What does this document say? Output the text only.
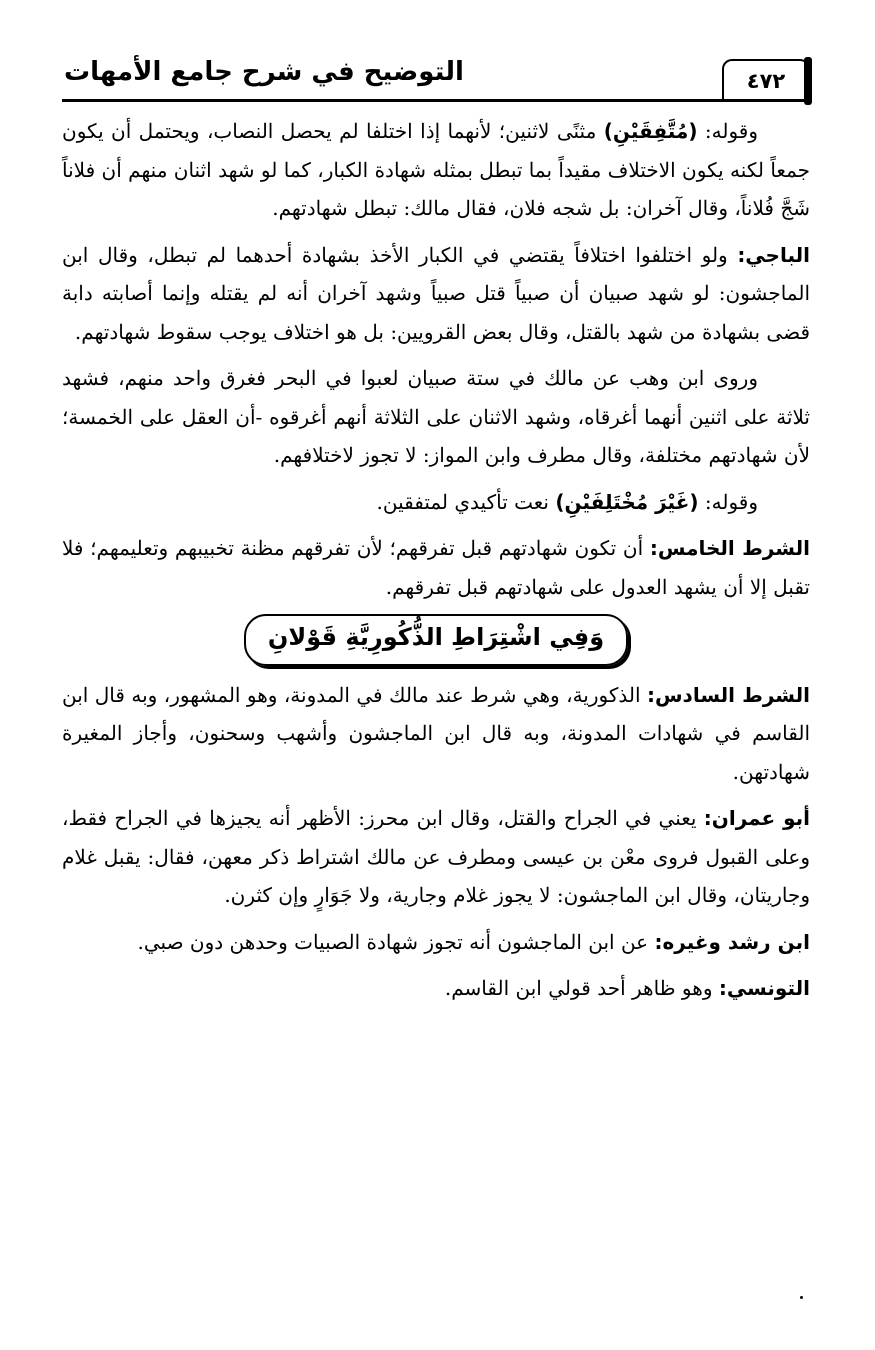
٤٧٢
التوضيح في شرح جامع الأمهات

وقوله: (مُتَّفِقَيْنِ) مثنًى لاثنين؛ لأنهما إذا اختلفا لم يحصل النصاب، ويحتمل أن يكون جمعاً لكنه يكون الاختلاف مقيداً بما تبطل بمثله شهادة الكبار، كما لو شهد اثنان منهم أن فلاناً شَجَّ فُلاناً، وقال آخران: بل شجه فلان، فقال مالك: تبطل شهادتهم.

الباجي: ولو اختلفوا اختلافاً يقتضي في الكبار الأخذ بشهادة أحدهما لم تبطل، وقال ابن الماجشون: لو شهد صبيان أن صبياً قتل صبياً وشهد آخران أنه لم يقتله وإنما أصابته دابة قضى بشهادة من شهد بالقتل، وقال بعض القرويين: بل هو اختلاف يوجب سقوط شهادتهم.

وروى ابن وهب عن مالك في ستة صبيان لعبوا في البحر فغرق واحد منهم، فشهد ثلاثة على اثنين أنهما أغرقاه، وشهد الاثنان على الثلاثة أنهم أغرقوه -أن العقل على الخمسة؛ لأن شهادتهم مختلفة، وقال مطرف وابن المواز: لا تجوز لاختلافهم.

وقوله: (غَيْرَ مُخْتَلِفَيْنِ) نعت تأكيدي لمتفقين.

الشرط الخامس: أن تكون شهادتهم قبل تفرقهم؛ لأن تفرقهم مظنة تخبيبهم وتعليمهم؛ فلا تقبل إلا أن يشهد العدول على شهادتهم قبل تفرقهم.

وَفِي اشْتِرَاطِ الذُّكُورِيَّةِ قَوْلانِ

الشرط السادس: الذكورية، وهي شرط عند مالك في المدونة، وهو المشهور، وبه قال ابن القاسم في شهادات المدونة، وبه قال ابن الماجشون وأشهب وسحنون، وأجاز المغيرة شهادتهن.

أبو عمران: يعني في الجراح والقتل، وقال ابن محرز: الأظهر أنه يجيزها في الجراح فقط، وعلى القبول فروى معْن بن عيسى ومطرف عن مالك اشتراط ذكر معهن، فقال: يقبل غلام وجاريتان، وقال ابن الماجشون: لا يجوز غلام وجارية، ولا جَوَارٍ وإن كثرن.

ابن رشد وغيره: عن ابن الماجشون أنه تجوز شهادة الصبيات وحدهن دون صبي.

التونسي: وهو ظاهر أحد قولي ابن القاسم.
